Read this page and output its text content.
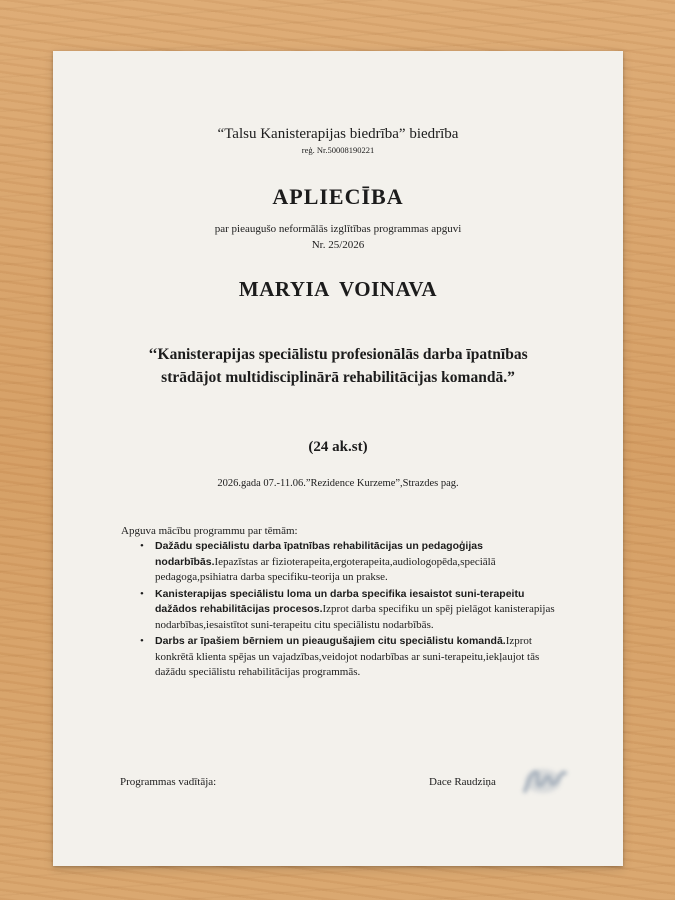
“Talsu Kanisterapijas biedrība” biedrība
reģ. Nr.50008190221
APLIECĪBA
par pieaugušo neformālās izglītības programmas apguvi
Nr. 25/2026
MARYIA VOINAVA
‘‘Kanisterapijas speciālistu profesionālās darba īpatnības strādājot multidisciplinārā rehabilitācijas komandā.”
(24 ak.st)
2026.gada 07.-11.06.”Rezidence Kurzeme”,Strazdes pag.
Apguva mācību programmu par tēmām:
• Dažādu speciālistu darba īpatnības rehabilitācijas un pedagoģijas nodarbībās.Iepazīstas ar fizioterapeita,ergoterapeita,audiologopēda,speciālā pedagoga,psihiatra darba specifiku-teorija un prakse.
• Kanisterapijas speciālistu loma un darba specifika iesaistot suni-terapeitu dažādos rehabilitācijas procesos.Izprot darba specifiku un spēj pielāgot kanisterapijas nodarbības,iesaistītot suni-terapeitu citu speciālistu nodarbībās.
• Darbs ar īpašiem bērniem un pieaugušajiem citu speciālistu komandā.Izprot konkrētā klienta spējas un vajadzības,veidojot nodarbības ar suni-terapeitu,iekļaujot tās dažādu speciālistu rehabilitācijas programmās.
Programmas vadītāja:	Dace Raudziņa
